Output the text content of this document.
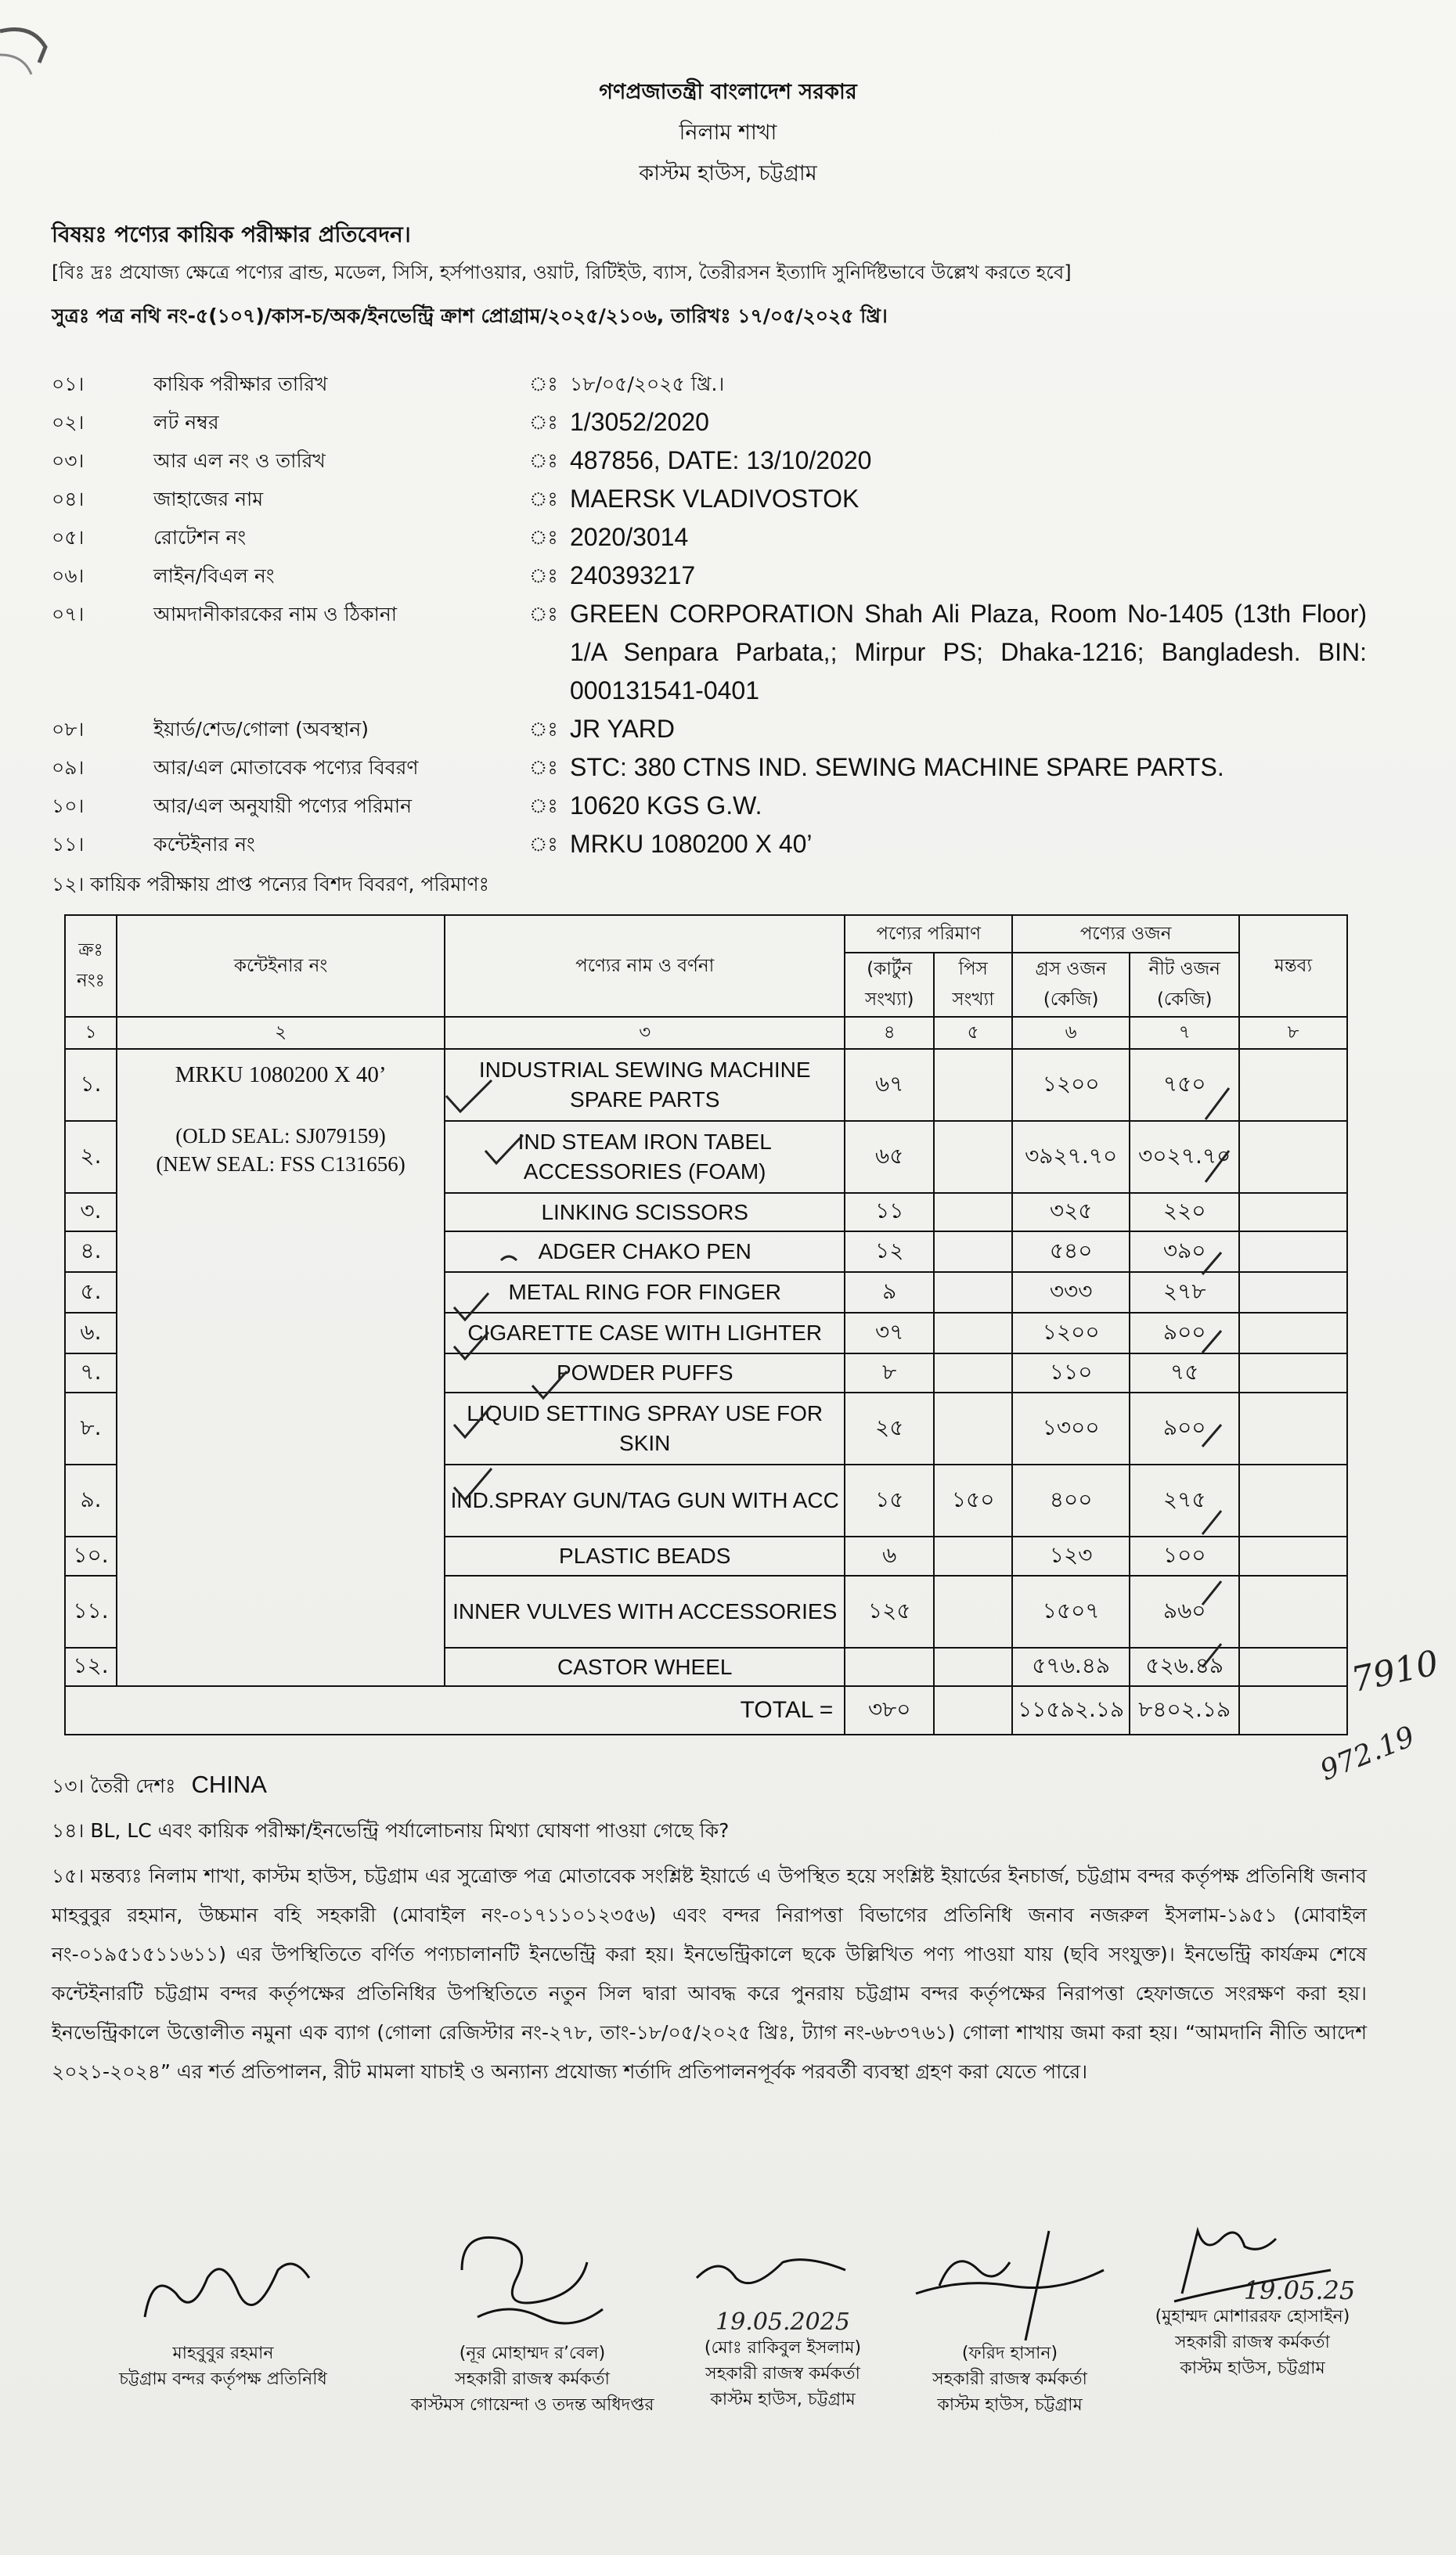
গণপ্রজাতন্ত্রী বাংলাদেশ সরকার
নিলাম শাখা
কাস্টম হাউস, চট্টগ্রাম
বিষয়ঃ পণ্যের কায়িক পরীক্ষার প্রতিবেদন।
[বিঃ দ্রঃ প্রযোজ্য ক্ষেত্রে পণ্যের ব্রান্ড, মডেল, সিসি, হর্সপাওয়ার, ওয়াট, রিটিইউ, ব্যাস, তৈরীরসন ইত্যাদি সুনির্দিষ্টভাবে উল্লেখ করতে হবে]
সুত্রঃ পত্র নথি নং-৫(১০৭)/কাস-চ/অক/ইনভেন্ট্রি ক্রাশ প্রোগ্রাম/২০২৫/২১০৬, তারিখঃ ১৭/০৫/২০২৫ খ্রি।
০১।	কায়িক পরীক্ষার তারিখ	ঃ ১৮/০৫/২০২৫ খ্রি.।
০২।	লট নম্বর	ঃ 1/3052/2020
০৩।	আর এল নং ও তারিখ	ঃ 487856, DATE: 13/10/2020
০৪।	জাহাজের নাম	ঃ MAERSK VLADIVOSTOK
০৫।	রোটেশন নং	ঃ 2020/3014
০৬।	লাইন/বিএল নং	ঃ 240393217
০৭।	আমদানীকারকের নাম ও ঠিকানা	ঃ GREEN CORPORATION Shah Ali Plaza, Room No-1405 (13th Floor) 1/A Senpara Parbata,; Mirpur PS; Dhaka-1216; Bangladesh. BIN: 000131541-0401
০৮।	ইয়ার্ড/শেড/গোলা (অবস্থান)	ঃ JR YARD
০৯।	আর/এল মোতাবেক পণ্যের বিবরণ	ঃ STC: 380 CTNS IND. SEWING MACHINE SPARE PARTS.
১০।	আর/এল অনুযায়ী পণ্যের পরিমান	ঃ 10620 KGS G.W.
১১।	কন্টেইনার নং	ঃ MRKU 1080200 X 40’
১২। কায়িক পরীক্ষায় প্রাপ্ত পন্যের বিশদ বিবরণ, পরিমাণঃ
ক্রঃ নংঃ	কন্টেইনার নং	পণ্যের নাম ও বর্ণনা	পণ্যের পরিমাণ		পণ্যের ওজন		মন্তব্য
			(কার্টুন সংখ্যা)	পিস সংখ্যা	গ্রস ওজন (কেজি)	নীট ওজন (কেজি)	
১	২	৩	৪	৫	৬	৭	৮
১.	MRKU 1080200 X 40’
(OLD SEAL: SJ079159)
(NEW SEAL: FSS C131656)	INDUSTRIAL SEWING MACHINE SPARE PARTS	৬৭		১২০০	৭৫০	
২.		IND STEAM IRON TABEL ACCESSORIES (FOAM)	৬৫		৩৯২৭.৭০	৩০২৭.৭০	
৩.		LINKING SCISSORS	১১		৩২৫	২২০	
৪.		ADGER CHAKO PEN	১২		৫৪০	৩৯০	
৫.		METAL RING FOR FINGER	৯		৩৩৩	২৭৮	
৬.		CIGARETTE CASE WITH LIGHTER	৩৭		১২০০	৯০০	
৭.		POWDER PUFFS	৮		১১০	৭৫	
৮.		LIQUID SETTING SPRAY USE FOR SKIN	২৫		১৩০০	৯০০	
৯.		IND.SPRAY GUN/TAG GUN WITH ACC	১৫	১৫০	৪০০	২৭৫	
১০.		PLASTIC BEADS	৬		১২৩	১০০	
১১.		INNER VULVES WITH ACCESSORIES	১২৫		১৫০৭	৯৬০	
১২.		CASTOR WHEEL			৫৭৬.৪৯	৫২৬.৪৯	
TOTAL =			৩৮০		১১৫৯২.১৯	৮৪০২.১৯	
7910
972.19
১৩। তৈরী দেশঃ CHINA
১৪। BL, LC এবং কায়িক পরীক্ষা/ইনভেন্ট্রি পর্যালোচনায় মিথ্যা ঘোষণা পাওয়া গেছে কি?
১৫। মন্তব্যঃ নিলাম শাখা, কাস্টম হাউস, চট্টগ্রাম এর সুত্রোক্ত পত্র মোতাবেক সংশ্লিষ্ট ইয়ার্ডে এ উপস্থিত হয়ে সংশ্লিষ্ট ইয়ার্ডের ইনচার্জ, চট্টগ্রাম বন্দর কর্তৃপক্ষ প্রতিনিধি জনাব মাহবুবুর রহমান, উচ্চমান বহি সহকারী (মোবাইল নং-০১৭১১০১২৩৫৬) এবং বন্দর নিরাপত্তা বিভাগের প্রতিনিধি জনাব নজরুল ইসলাম-১৯৫১ (মোবাইল নং-০১৯৫১৫১১৬১১) এর উপস্থিতিতে বর্ণিত পণ্যচালানটি ইনভেন্ট্রি করা হয়। ইনভেন্ট্রিকালে ছকে উল্লিখিত পণ্য পাওয়া যায় (ছবি সংযুক্ত)। ইনভেন্ট্রি কার্যক্রম শেষে কন্টেইনারটি চট্টগ্রাম বন্দর কর্তৃপক্ষের প্রতিনিধির উপস্থিতিতে নতুন সিল দ্বারা আবদ্ধ করে পুনরায় চট্টগ্রাম বন্দর কর্তৃপক্ষের নিরাপত্তা হেফাজতে সংরক্ষণ করা হয়। ইনভেন্ট্রিকালে উত্তোলীত নমুনা এক ব্যাগ (গোলা রেজিস্টার নং-২৭৮, তাং-১৮/০৫/২০২৫ খ্রিঃ, ট্যাগ নং-৬৮৩৭৬১) গোলা শাখায় জমা করা হয়। “আমদানি নীতি আদেশ ২০২১-২০২৪” এর শর্ত প্রতিপালন, রীট মামলা যাচাই ও অন্যান্য প্রযোজ্য শর্তাদি প্রতিপালনপূর্বক পরবর্তী ব্যবস্থা গ্রহণ করা যেতে পারে।
মাহবুবুর রহমান
চট্টগ্রাম বন্দর কর্তৃপক্ষ প্রতিনিধি
(নূর মোহাম্মদ র’বেল)
সহকারী রাজস্ব কর্মকর্তা
কাস্টমস গোয়েন্দা ও তদন্ত অধিদপ্তর
19.05.2025
(মোঃ রাকিবুল ইসলাম)
সহকারী রাজস্ব কর্মকর্তা
কাস্টম হাউস, চট্টগ্রাম
(ফরিদ হাসান)
সহকারী রাজস্ব কর্মকর্তা
কাস্টম হাউস, চট্টগ্রাম
19.05.25
(মুহাম্মদ মোশাররফ হোসাইন)
সহকারী রাজস্ব কর্মকর্তা
কাস্টম হাউস, চট্টগ্রাম
